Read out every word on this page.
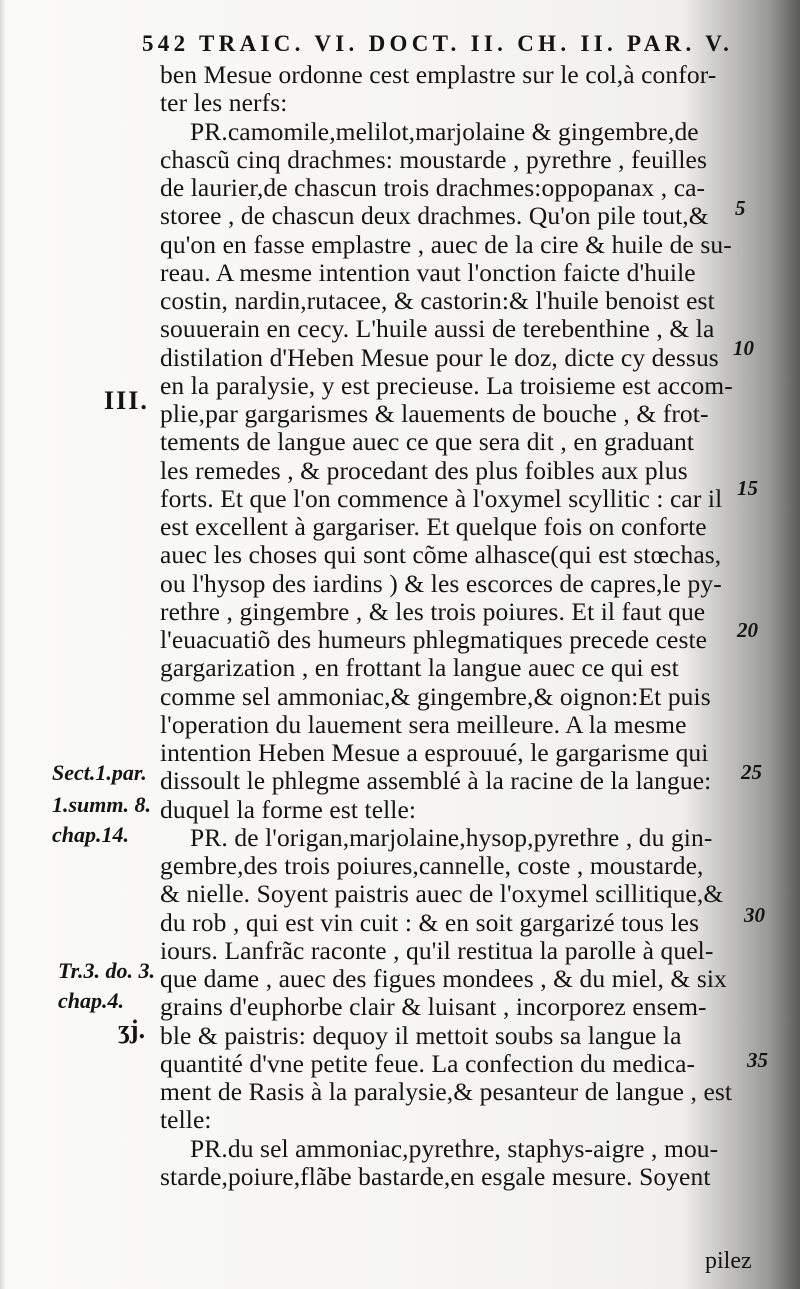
542 TRAIC. VI. DOCT. II. CH. II. PAR. V.
ben Mesue ordonne cest emplastre sur le col,à confor-
ter les nerfs:
PR.camomile,melilot,marjolaine & gingembre,de
chascũ cinq drachmes: moustarde , pyrethre , feuilles
de laurier,de chascun trois drachmes:oppopanax , ca-
storee , de chascun deux drachmes. Qu'on pile tout,&
qu'on en fasse emplastre , auec de la cire & huile de su-
reau. A mesme intention vaut l'onction faicte d'huile
costin, nardin,rutacee, & castorin:& l'huile benoist est
souuerain en cecy. L'huile aussi de terebenthine , & la
distilation d'Heben Mesue pour le doz, dicte cy dessus
en la paralysie, y est precieuse. La troisieme est accom-
plie,par gargarismes & lauements de bouche , & frot-
tements de langue auec ce que sera dit , en graduant
les remedes , & procedant des plus foibles aux plus
forts. Et que l'on commence à l'oxymel scyllitic : car il
est excellent à gargariser. Et quelque fois on conforte
auec les choses qui sont cõme alhasce(qui est stœchas,
ou l'hysop des iardins ) & les escorces de capres,le py-
rethre , gingembre , & les trois poiures. Et il faut que
l'euacuatiõ des humeurs phlegmatiques precede ceste
gargarization , en frottant la langue auec ce qui est
comme sel ammoniac,& gingembre,& oignon:Et puis
l'operation du lauement sera meilleure. A la mesme
intention Heben Mesue a esprouué, le gargarisme qui
dissoult le phlegme assemblé à la racine de la langue:
duquel la forme est telle:
PR. de l'origan,marjolaine,hysop,pyrethre , du gin-
gembre,des trois poiures,cannelle, coste , moustarde,
& nielle. Soyent paistris auec de l'oxymel scillitique,&
du rob , qui est vin cuit : & en soit gargarizé tous les
iours. Lanfrãc raconte , qu'il restitua la parolle à quel-
que dame , auec des figues mondees , & du miel, & six
grains d'euphorbe clair & luisant , incorporez ensem-
ble & paistris: dequoy il mettoit soubs sa langue la
quantité d'vne petite feue. La confection du medica-
ment de Rasis à la paralysie,& pesanteur de langue , est
telle:
PR.du sel ammoniac,pyrethre, staphys-aigre , mou-
starde,poiure,flãbe bastarde,en esgale mesure. Soyent
III.
5
10
15
20
25
30
35
Sect.1.par.
1.summ. 8.
chap.14.
Tr.3. do. 3.
chap.4.
ʒj.
pilez
